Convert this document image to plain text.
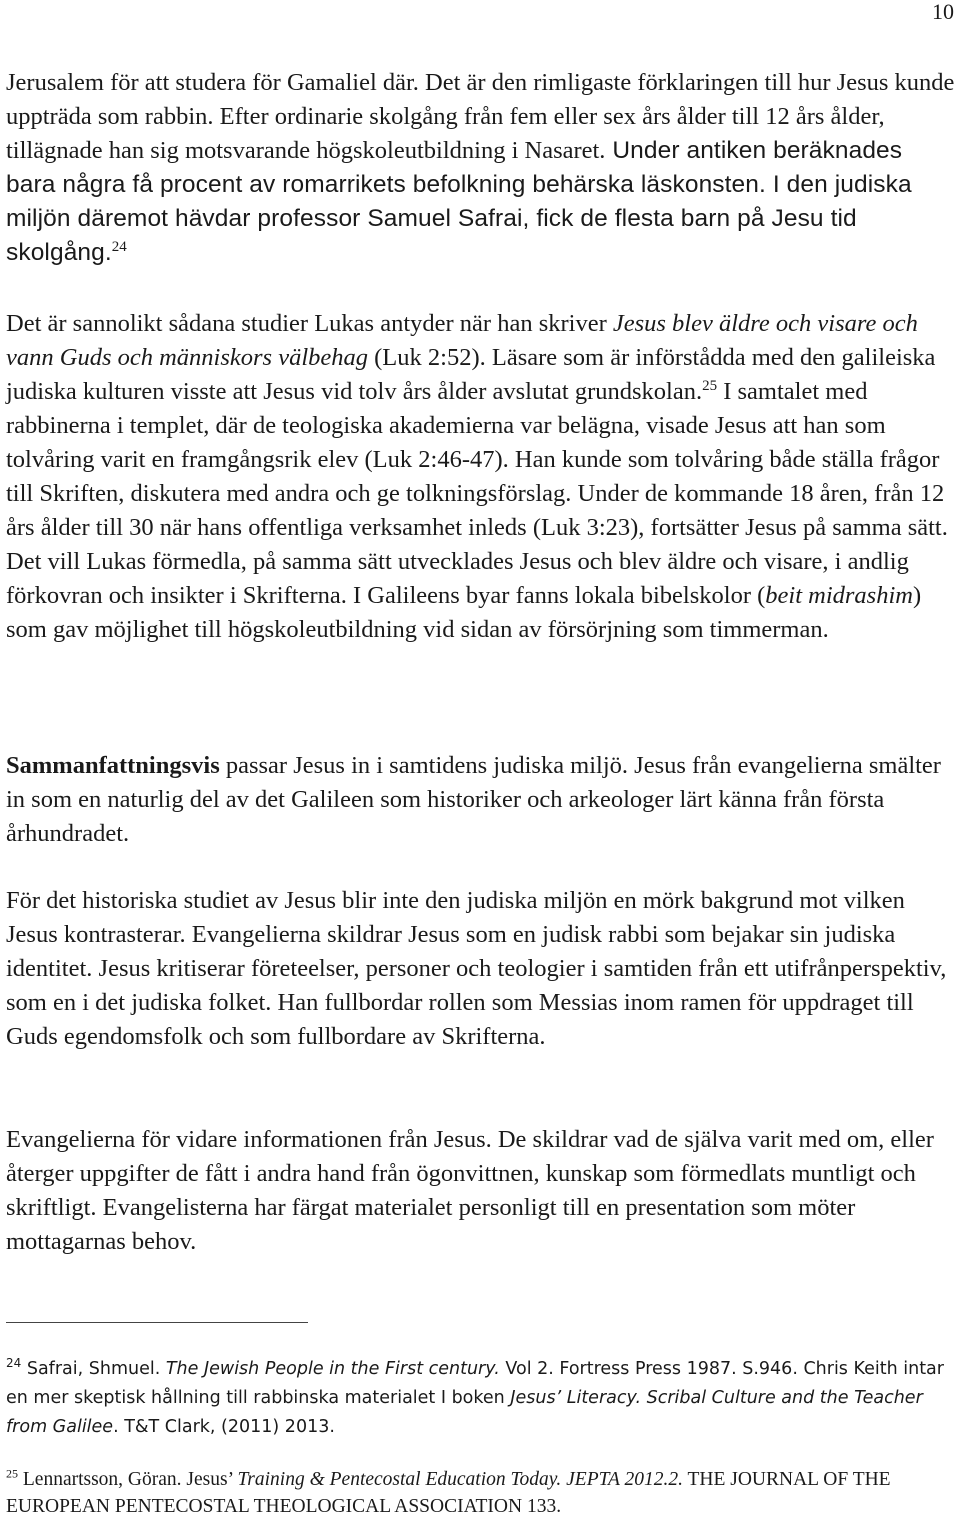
10

Jerusalem för att studera för Gamaliel där. Det är den rimligaste förklaringen till hur Jesus kunde uppträda som rabbin. Efter ordinarie skolgång från fem eller sex års ålder till 12 års ålder, tillägnade han sig motsvarande högskoleutbildning i Nasaret. Under antiken beräknades bara några få procent av romarrikets befolkning behärska läskonsten. I den judiska miljön däremot hävdar professor Samuel Safrai, fick de flesta barn på Jesu tid skolgång.$^{24}$

Det är sannolikt sådana studier Lukas antyder när han skriver Jesus blev äldre och visare och vann Guds och människors välbehag (Luk 2:52). Läsare som är införstådda med den galileiska judiska kulturen visste att Jesus vid tolv års ålder avslutat grundskolan.$^{25}$ I samtalet med rabbinerna i templet, där de teologiska akademierna var belägna, visade Jesus att han som tolvåring varit en framgångsrik elev (Luk 2:46-47). Han kunde som tolvåring både ställa frågor till Skriften, diskutera med andra och ge tolkningsförslag. Under de kommande 18 åren, från 12 års ålder till 30 när hans offentliga verksamhet inleds (Luk 3:23), fortsätter Jesus på samma sätt. Det vill Lukas förmedla, på samma sätt utvecklades Jesus och blev äldre och visare, i andlig förkovran och insikter i Skrifterna. I Galileens byar fanns lokala bibelskolor (beit midrashim) som gav möjlighet till högskoleutbildning vid sidan av försörjning som timmerman.

Sammanfattningsvis passar Jesus in i samtidens judiska miljö. Jesus från evangelierna smälter in som en naturlig del av det Galileen som historiker och arkeologer lärt känna från första århundradet.

För det historiska studiet av Jesus blir inte den judiska miljön en mörk bakgrund mot vilken Jesus kontrasterar. Evangelierna skildrar Jesus som en judisk rabbi som bejakar sin judiska identitet. Jesus kritiserar företeelser, personer och teologier i samtiden från ett utifrånperspektiv, som en i det judiska folket. Han fullbordar rollen som Messias inom ramen för uppdraget till Guds egendomsfolk och som fullbordare av Skrifterna.

Evangelierna för vidare informationen från Jesus. De skildrar vad de själva varit med om, eller återger uppgifter de fått i andra hand från ögonvittnen, kunskap som förmedlats muntligt och skriftligt. Evangelisterna har färgat materialet personligt till en presentation som möter mottagarnas behov.

$^{24}$ Safrai, Shmuel. The Jewish People in the First century. Vol 2. Fortress Press 1987. S.946. Chris Keith intar en mer skeptisk hållning till rabbinska materialet I boken Jesus’ Literacy. Scribal Culture and the Teacher from Galilee. T&T Clark, (2011) 2013.

$^{25}$ Lennartsson, Göran. Jesus’ Training & Pentecostal Education Today. JEPTA 2012.2. THE JOURNAL OF THE EUROPEAN PENTECOSTAL THEOLOGICAL ASSOCIATION 133.
